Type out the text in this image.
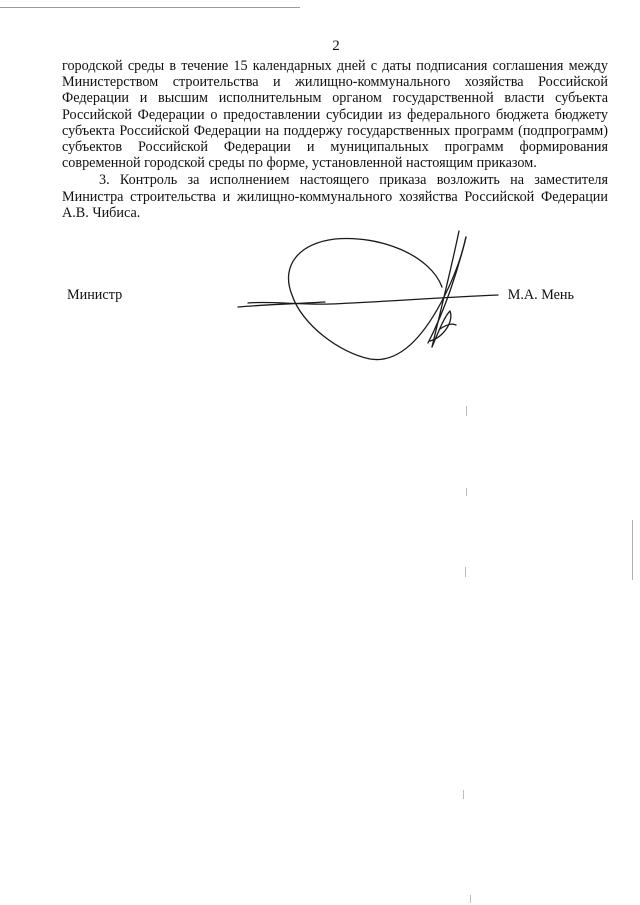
2

городской среды в течение 15 календарных дней с даты подписания соглашения между Министерством строительства и жилищно-коммунального хозяйства Российской Федерации и высшим исполнительным органом государственной власти субъекта Российской Федерации о предоставлении субсидии из федерального бюджета бюджету субъекта Российской Федерации на поддержу государственных программ (подпрограмм) субъектов Российской Федерации и муниципальных программ формирования современной городской среды по форме, установленной настоящим приказом.

3. Контроль за исполнением настоящего приказа возложить на заместителя Министра строительства и жилищно-коммунального хозяйства Российской Федерации А.В. Чибиса.

Министр	М.А. Мень
